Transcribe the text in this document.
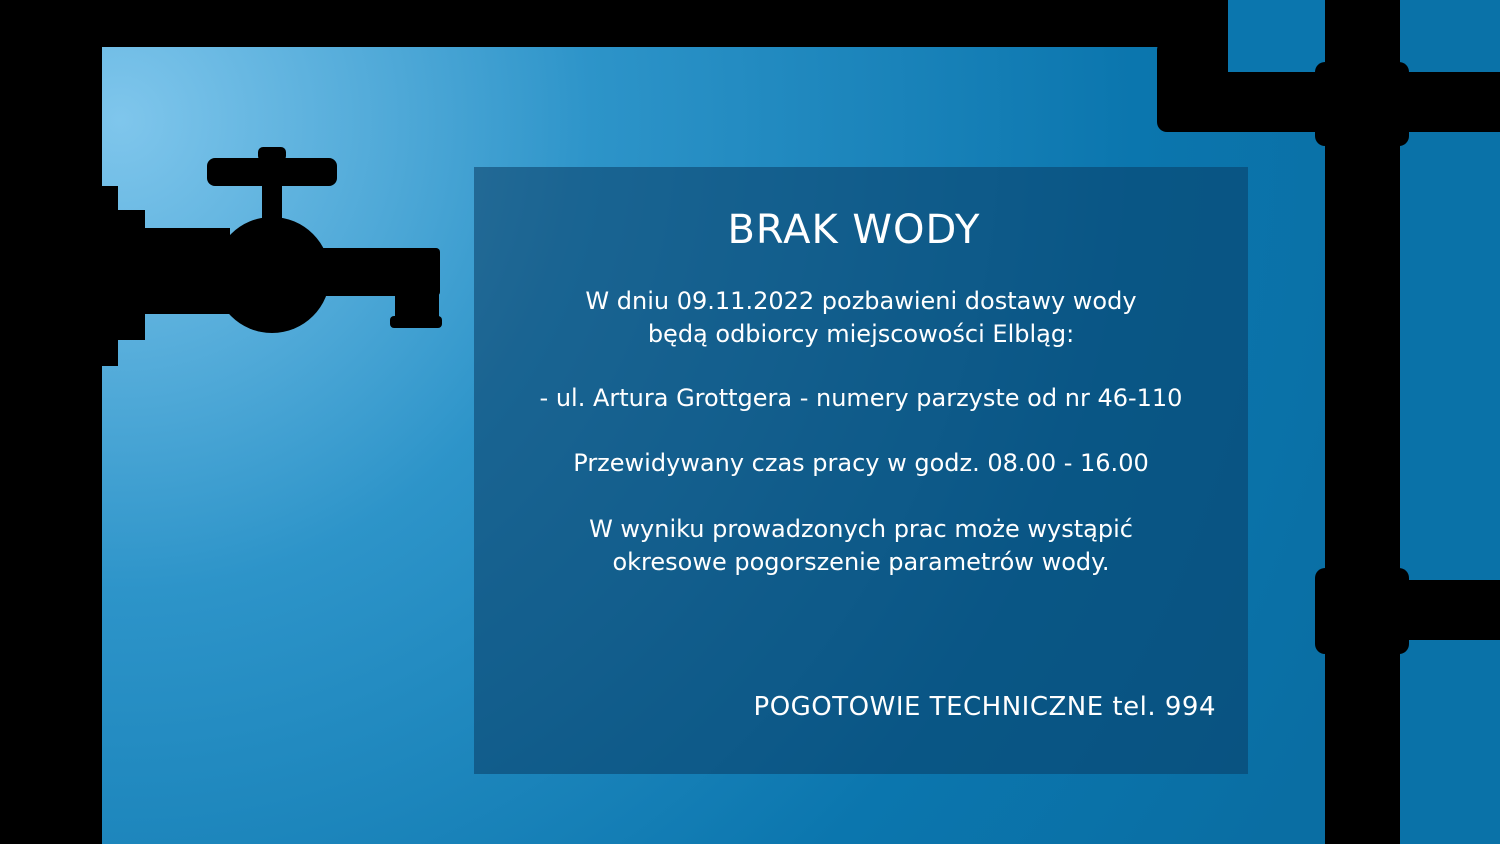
BRAK WODY
W dniu 09.11.2022 pozbawieni dostawy wody
będą odbiorcy miejscowości Elbląg:
- ul. Artura Grottgera - numery parzyste od nr 46-110
Przewidywany czas pracy w godz. 08.00 - 16.00
W wyniku prowadzonych prac może wystąpić
okresowe pogorszenie parametrów wody.
POGOTOWIE TECHNICZNE tel. 994
